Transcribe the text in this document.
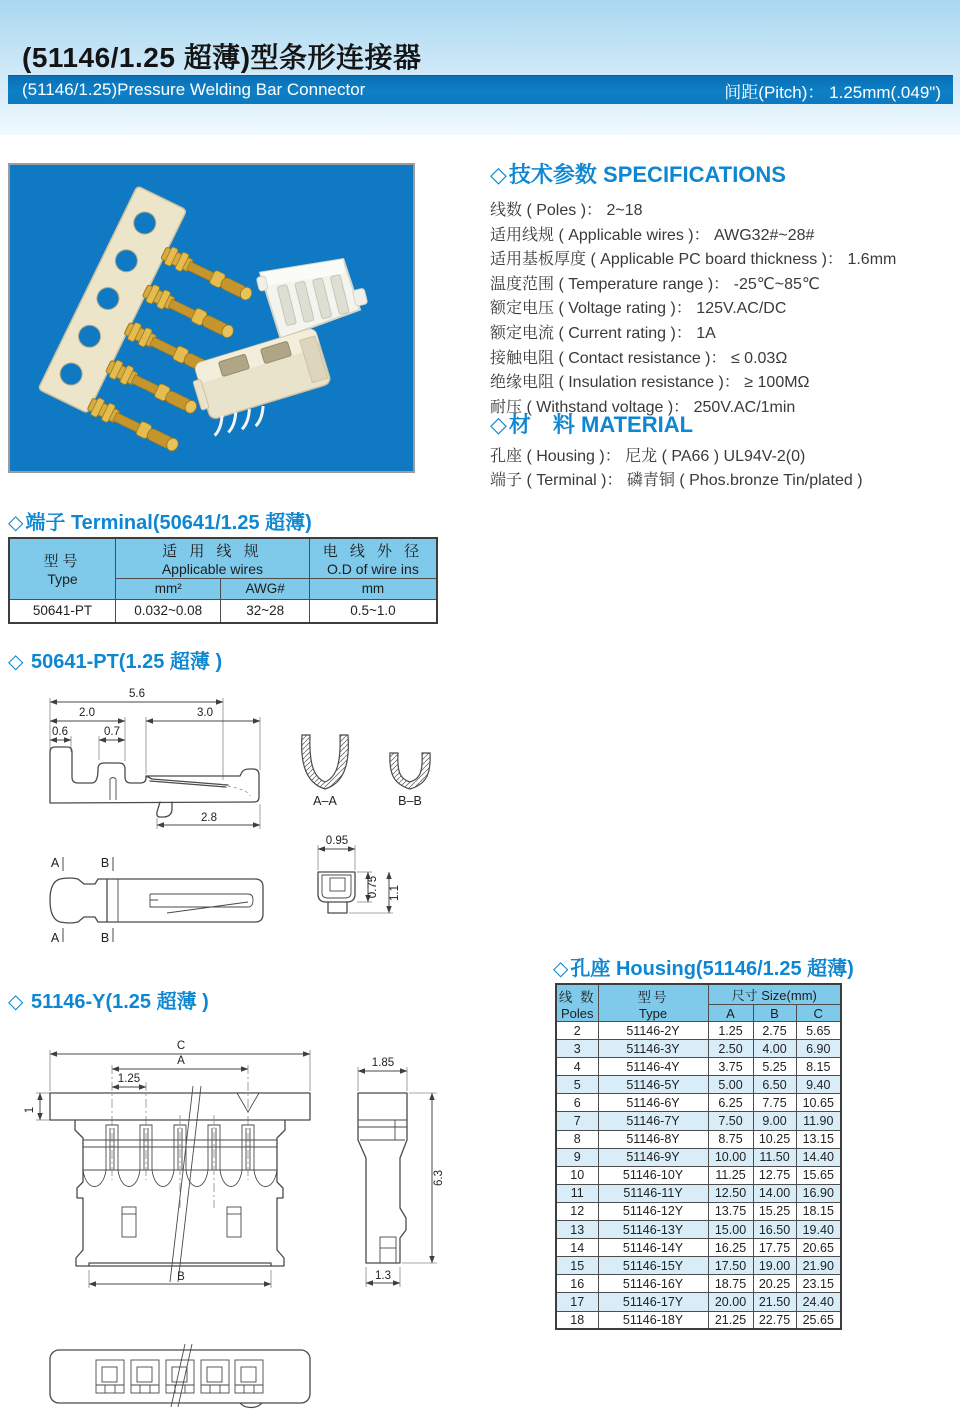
(51146/1.25 超薄)型条形连接器
(51146/1.25)Pressure Welding Bar Connector	间距(Pitch)： 1.25mm(.049")
◇技术参数 SPECIFICATIONS
线数 ( Poles )： 2~18
适用线规 ( Applicable wires )： AWG32#~28#
适用基板厚度 ( Applicable PC board thickness )： 1.6mm
温度范围 ( Temperature range )： -25℃~85℃
额定电压 ( Voltage rating )： 125V.AC/DC
额定电流 ( Current rating )： 1A
接触电阻 ( Contact resistance )： ≤ 0.03Ω
绝缘电阻 ( Insulation resistance )： ≥ 100MΩ
耐压 ( Withstand voltage )： 250V.AC/1min
◇材　料 MATERIAL
孔座 ( Housing )： 尼龙 ( PA66 ) UL94V-2(0)
端子 ( Terminal )： 磷青铜 ( Phos.bronze Tin/plated )
◇ 端子 Terminal(50641/1.25 超薄)
型号
Type

适 用 线 规
Applicable wires

电 线 外 径
O.D of wire ins

	mm²	AWG#	mm
50641-PT	0.032~0.08	32~28	0.5~1.0
◇ 50641-PT(1.25 超薄 )
5.6
2.0	3.0
0.6	0.7
2.8
A–A	B–B
A	B
A	B
0.95
0.75 1.1
◇ 51146-Y(1.25 超薄 )
C
A
1.25
1
B
1.85
6.3
1.3
◇ 孔座 Housing(51146/1.25 超薄)
线 数
Poles

型号
Type
	尺寸 Size(mm)
		A	B	C
2	51146-2Y	1.25	2.75	5.65
3	51146-3Y	2.50	4.00	6.90
4	51146-4Y	3.75	5.25	8.15
5	51146-5Y	5.00	6.50	9.40
6	51146-6Y	6.25	7.75	10.65
7	51146-7Y	7.50	9.00	11.90
8	51146-8Y	8.75	10.25	13.15
9	51146-9Y	10.00	11.50	14.40
10	51146-10Y	11.25	12.75	15.65
11	51146-11Y	12.50	14.00	16.90
12	51146-12Y	13.75	15.25	18.15
13	51146-13Y	15.00	16.50	19.40
14	51146-14Y	16.25	17.75	20.65
15	51146-15Y	17.50	19.00	21.90
16	51146-16Y	18.75	20.25	23.15
17	51146-17Y	20.00	21.50	24.40
18	51146-18Y	21.25	22.75	25.65
